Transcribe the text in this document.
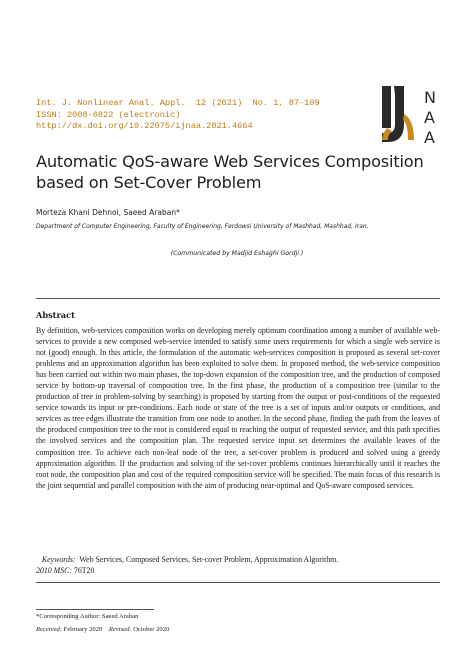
Int. J. Nonlinear Anal. Appl.  12 (2021)  No. 1, 87-109
ISSN: 2008-6822 (electronic)
http://dx.doi.org/10.22075/ijnaa.2021.4664
N
A
A
Automatic QoS-aware Web Services Composition
based on Set-Cover Problem
Morteza Khani Dehnoi, Saeed Araban*
Department of Computer Engineering, Faculty of Engineering, Ferdowsi University of Mashhad, Mashhad, Iran.
(Communicated by Madjid Eshaghi Gordji )
Abstract
By definition, web-services composition works on developing merely optimum coordination among a number of available web-services to provide a new composed web-service intended to satisfy some users requirements for which a single web service is not (good) enough. In this article, the formulation of the automatic web-services composition is proposed as several set-cover problems and an approximation algorithm has been exploited to solve them. In proposed method, the web-service composition has been carried out within two main phases, the top-down expansion of the composition tree, and the production of composed service by bottom-up traversal of composition tree. In the first phase, the production of a composition tree (similar to the production of tree in problem-solving by searching) is proposed by starting from the output or post-conditions of the requested service towards its input or pre-conditions. Each node or state of the tree is a set of inputs and/or outputs or conditions, and services as tree edges illustrate the transition from one node to another. In the second phase, finding the path from the leaves of the produced composition tree to the root is considered equal to reaching the output of requested service, and this path specifies the involved services and the composition plan. The requested service input set determines the available leaves of the composition tree. To achieve each non-leaf node of the tree, a set-cover problem is produced and solved using a greedy approximation algorithm. If the production and solving of the set-cover problems continues hierarchically until it reaches the root node, the composition plan and cost of the required composition service will be specified. The main focus of this research is the joint sequential and parallel composition with the aim of producing near-optimal and QoS-aware composed services.
Keywords: Web Services, Composed Services, Set-cover Problem, Approximation Algorithm.
2010 MSC: 76T20
*Corresponding Author: Saeed Araban
Received: February 2020 Revised: October 2020
